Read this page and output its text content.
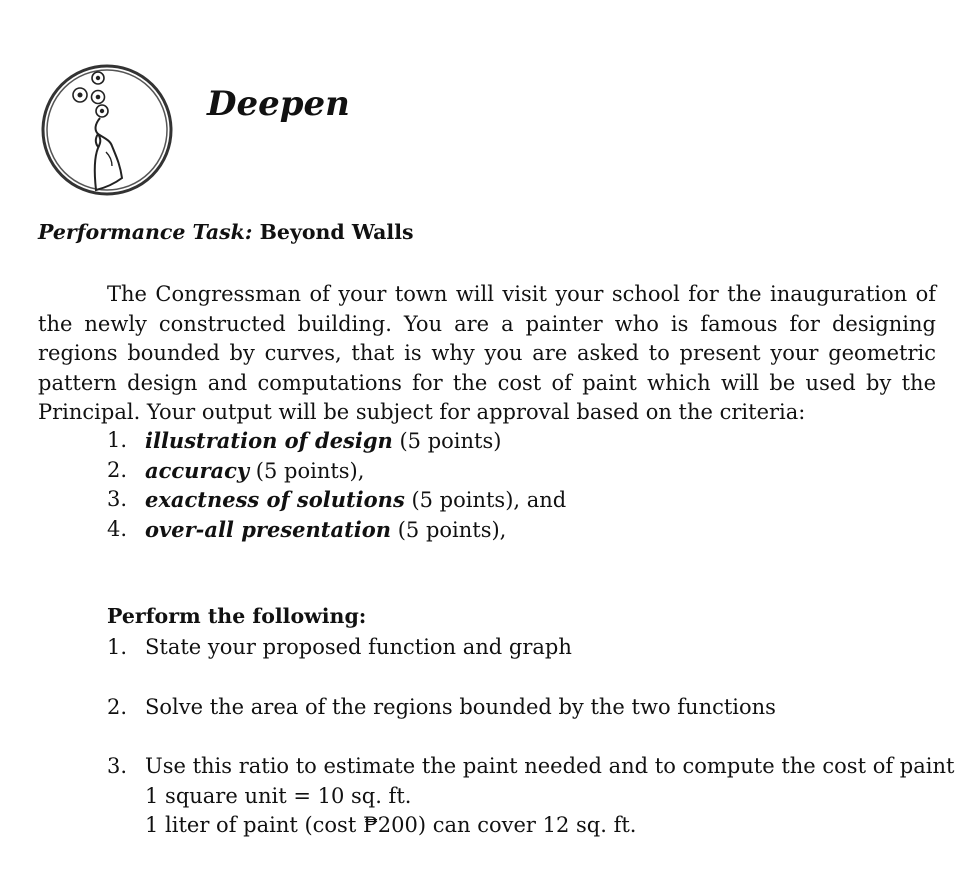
Deepen
Performance Task: Beyond Walls

The Congressman of your town will visit your school for the inauguration of the newly constructed building. You are a painter who is famous for designing regions bounded by curves, that is why you are asked to present your geometric pattern design and computations for the cost of paint which will be used by the Principal. Your output will be subject for approval based on the criteria:

1. illustration of design (5 points)
2. accuracy (5 points),
3. exactness of solutions (5 points), and
4. over-all presentation (5 points),
Perform the following:
1. State your proposed function and graph
2. Solve the area of the regions bounded by the two functions
3. Use this ratio to estimate the paint needed and to compute the cost of paint
1 square unit = 10 sq. ft.
1 liter of paint (cost ₱200) can cover 12 sq. ft.
